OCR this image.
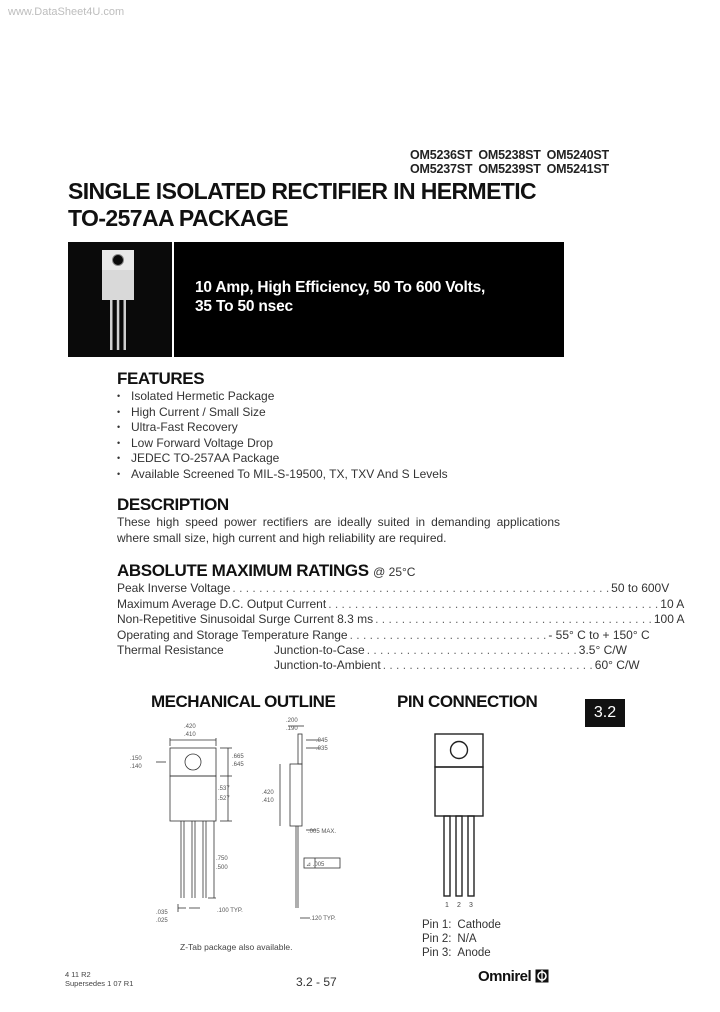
www.DataSheet4U.com
OM5236ST OM5238ST OM5240ST
OM5237ST OM5239ST OM5241ST
SINGLE ISOLATED RECTIFIER IN HERMETIC
TO-257AA PACKAGE
10 Amp, High Efficiency, 50 To 600 Volts,
35 To 50 nsec
FEATURES
• Isolated Hermetic Package
• High Current / Small Size
• Ultra-Fast Recovery
• Low Forward Voltage Drop
• JEDEC TO-257AA Package
• Available Screened To MIL-S-19500, TX, TXV And S Levels
DESCRIPTION
These high speed power rectifiers are ideally suited in demanding applications where small size, high current and high reliability are required.
ABSOLUTE MAXIMUM RATINGS @ 25°C
Peak Inverse Voltage . . . . . . . . . . . . . . . . . . . . . . . . . . . . . . . . . . . . . . . . . . . . . . . . . . . . . . . . . 50 to 600V
Maximum Average D.C. Output Current . . . . . . . . . . . . . . . . . . . . . . . . . . . . . . . . . . . . . . . . . . . . . . . . . . 10 A
Non-Repetitive Sinusoidal Surge Current 8.3 ms . . . . . . . . . . . . . . . . . . . . . . . . . . . . . . . . . . . . . . . . . . 100 A
Operating and Storage Temperature Range . . . . . . . . . . . . . . . . . . . . . . . . . . . . . . - 55° C to + 150° C
Thermal Resistance	Junction-to-Case . . . . . . . . . . . . . . . . . . . . . . . . . . . . . . . . 3.5° C/W
Junction-to-Ambient . . . . . . . . . . . . . . . . . . . . . . . . . . . . . . . . 60° C/W
MECHANICAL OUTLINE	PIN CONNECTION
3.2
.420
.410
.665
.645
.150
.140
.537
.527
.750
.500
.100 TYP.
.035
.025
.200
.190
.045
.035
.420
.410
.005 MAX.
⊿ .005
.120 TYP.
Z-Tab package also available.
1 2 3
Pin 1:	Cathode
Pin 2:	N/A
Pin 3:	Anode
4 11 R2
Supersedes 1 07 R1	3.2 - 57	Omnirel
